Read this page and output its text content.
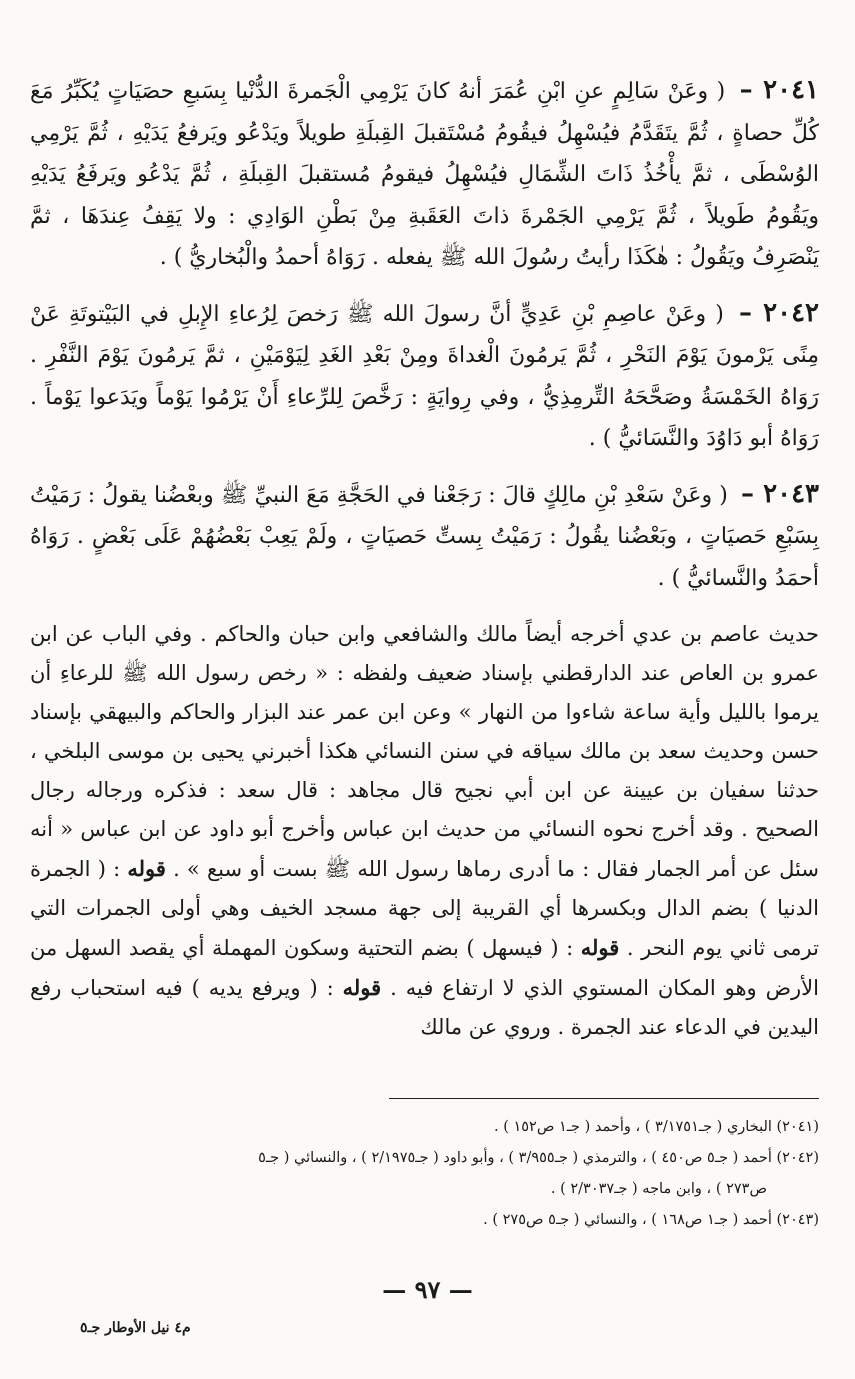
٢٠٤١ – ( وعَنْ سَالِمٍ عنِ ابْنِ عُمَرَ أنهُ كانَ يَرْمِي الْجَمرةَ الدُّنْيا بِسَبعِ حصَيَاتٍ يُكَبِّرُ مَعَ كُلِّ حصاةٍ ، ثُمَّ يتَقَدَّمُ فيُسْهِلُ فيقُومُ مُسْتَقبلَ القِبلَةِ طويلاً ويَدْعُو ويَرفعُ يَدَيْهِ ، ثُمَّ يَرْمِي الوُسْطَى ، ثمَّ يأْخُذُ ذَاتَ الشِّمَالِ فيُسْهِلُ فيقومُ مُستقبلَ القِبلَةِ ، ثُمَّ يَدْعُو ويَرفَعُ يَدَيْهِ ويَقُومُ طَويلاً ، ثُمَّ يَرْمِي الجَمْرةَ ذاتَ العَقَبةِ مِنْ بَطْنِ الوَادِي : ولا يَقِفُ عِندَهَا ، ثمَّ يَنْصَرِفُ ويَقُولُ : هٰكَذَا رأيتُ رسُولَ الله ﷺ يفعله . رَوَاهُ أحمدُ والْبُخاريُّ ) .

٢٠٤٢ – ( وعَنْ عاصِمِ بْنِ عَدِيٍّ أنَّ رسولَ الله ﷺ رَخصَ لِرُعاءِ الإِبلِ في البَيْتوتَةِ عَنْ مِنًى يَرْمونَ يَوْمَ النَحْرِ ، ثُمَّ يَرمُونَ الْغداةَ ومِنْ بَعْدِ الغَدِ لِيَوْمَيْنِ ، ثمَّ يَرمُونَ يَوْمَ النَّفْرِ . رَوَاهُ الخَمْسَةُ وصَحَّحَهُ التِّرمِذِيُّ ، وفي رِوايَةٍ : رَخَّصَ لِلرِّعاءِ أَنْ يَرْمُوا يَوْماً ويَدَعوا يَوْماً . رَوَاهُ أبو دَاوُدَ والنَّسَائيُّ ) .

٢٠٤٣ – ( وعَنْ سَعْدِ بْنِ مالِكٍ قالَ : رَجَعْنا في الحَجَّةِ مَعَ النبيِّ ﷺ وبعْضُنا يقولُ : رَمَيْتُ بِسَبْعِ حَصيَاتٍ ، وبَعْضُنا يقُولُ : رَمَيْتُ بِستِّ حَصيَاتٍ ، ولَمْ يَعِبْ بَعْضُهُمْ عَلَى بَعْضٍ . رَوَاهُ أحمَدُ والنَّسائيُّ ) .

حديث عاصم بن عدي أخرجه أيضاً مالك والشافعي وابن حبان والحاكم . وفي الباب عن ابن عمرو بن العاص عند الدارقطني بإسناد ضعيف ولفظه : « رخص رسول الله ﷺ للرعاءِ أن يرموا بالليل وأية ساعة شاءوا من النهار » وعن ابن عمر عند البزار والحاكم والبيهقي بإسناد حسن وحديث سعد بن مالك سياقه في سنن النسائي هكذا أخبرني يحيى بن موسى البلخي ، حدثنا سفيان بن عيينة عن ابن أبي نجيح قال مجاهد : قال سعد : فذكره ورجاله رجال الصحيح . وقد أخرج نحوه النسائي من حديث ابن عباس وأخرج أبو داود عن ابن عباس « أنه سئل عن أمر الجمار فقال : ما أدرى رماها رسول الله ﷺ بست أو سبع » . قوله : ( الجمرة الدنيا ) بضم الدال وبكسرها أي القريبة إلى جهة مسجد الخيف وهي أولى الجمرات التي ترمى ثاني يوم النحر . قوله : ( فيسهل ) بضم التحتية وسكون المهملة أي يقصد السهل من الأرض وهو المكان المستوي الذي لا ارتفاع فيه . قوله : ( ويرفع يديه ) فيه استحباب رفع اليدين في الدعاء عند الجمرة . وروي عن مالك

(٢٠٤١) البخاري ( جـ٣/١٧٥١ ) ، وأحمد ( جـ١ ص١٥٢ ) .

(٢٠٤٢) أحمد ( جـ٥ ص٤٥٠ ) ، والترمذي ( جـ٣/٩٥٥ ) ، وأبو داود ( جـ٢/١٩٧٥ ) ، والنسائي ( جـ٥
ص٢٧٣ ) ، وابن ماجه ( جـ٢/٣٠٣٧ ) .

(٢٠٤٣) أحمد ( جـ١ ص١٦٨ ) ، والنسائي ( جـ٥ ص٢٧٥ ) .

— ٩٧ —
م٤ نيل الأوطار جـ٥
